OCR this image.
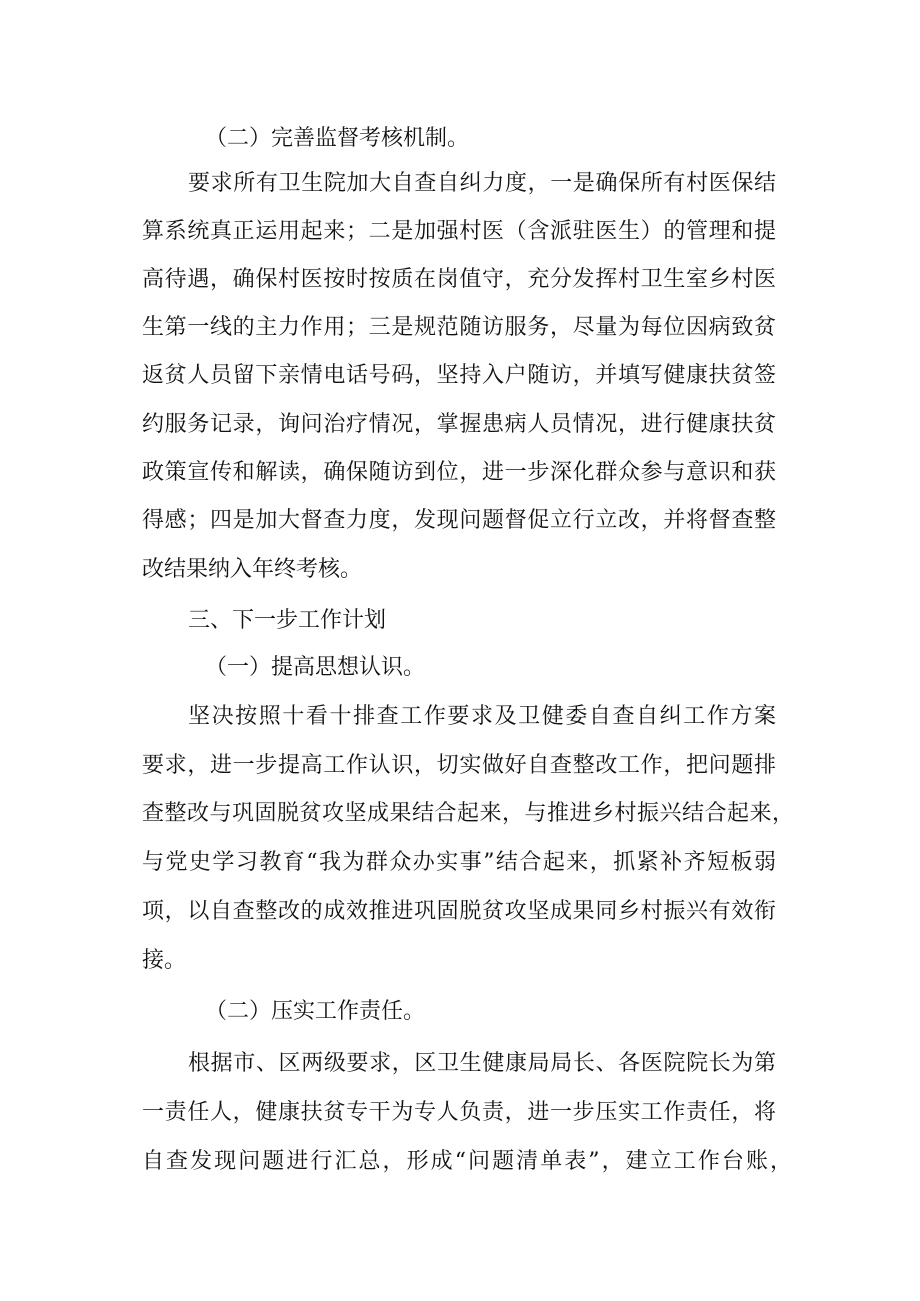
（二）完善监督考核机制。
要求所有卫生院加大自查自纠力度，一是确保所有村医保结
算系统真正运用起来；二是加强村医（含派驻医生）的管理和提
高待遇，确保村医按时按质在岗值守，充分发挥村卫生室乡村医
生第一线的主力作用；三是规范随访服务，尽量为每位因病致贫
返贫人员留下亲情电话号码，坚持入户随访，并填写健康扶贫签
约服务记录，询问治疗情况，掌握患病人员情况，进行健康扶贫
政策宣传和解读，确保随访到位，进一步深化群众参与意识和获
得感；四是加大督查力度，发现问题督促立行立改，并将督查整
改结果纳入年终考核。
三、下一步工作计划
（一）提高思想认识。
坚决按照十看十排查工作要求及卫健委自查自纠工作方案
要求，进一步提高工作认识，切实做好自查整改工作，把问题排
查整改与巩固脱贫攻坚成果结合起来，与推进乡村振兴结合起来，
与党史学习教育“我为群众办实事”结合起来，抓紧补齐短板弱
项，以自查整改的成效推进巩固脱贫攻坚成果同乡村振兴有效衔
接。
（二）压实工作责任。
根据市、区两级要求，区卫生健康局局长、各医院院长为第
一责任人，健康扶贫专干为专人负责，进一步压实工作责任，将
自查发现问题进行汇总，形成“问题清单表”，建立工作台账，
